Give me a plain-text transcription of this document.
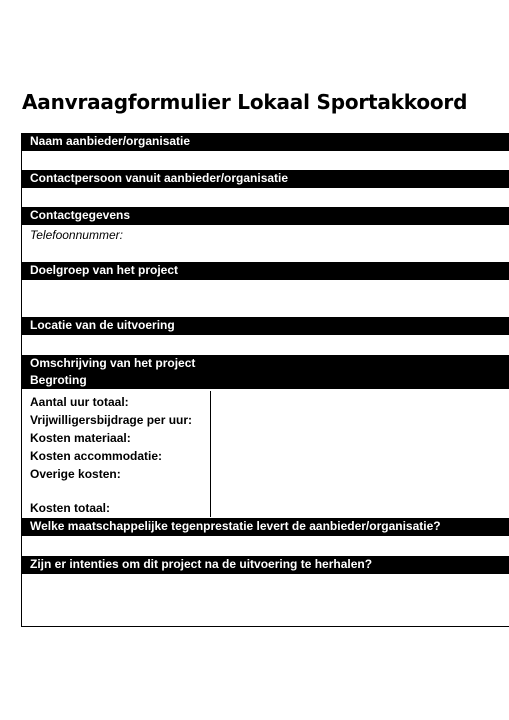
Aanvraagformulier Lokaal Sportakkoord
Naam aanbieder/organisatie
Contactpersoon vanuit aanbieder/organisatie
Contactgegevens
Telefoonnummer:
Doelgroep van het project
Locatie van de uitvoering
Omschrijving van het project
Begroting
Aantal uur totaal:
Vrijwilligersbijdrage per uur:
Kosten materiaal:
Kosten accommodatie:
Overige kosten:
Kosten totaal:
Welke maatschappelijke tegenprestatie levert de aanbieder/organisatie?
Zijn er intenties om dit project na de uitvoering te herhalen?
